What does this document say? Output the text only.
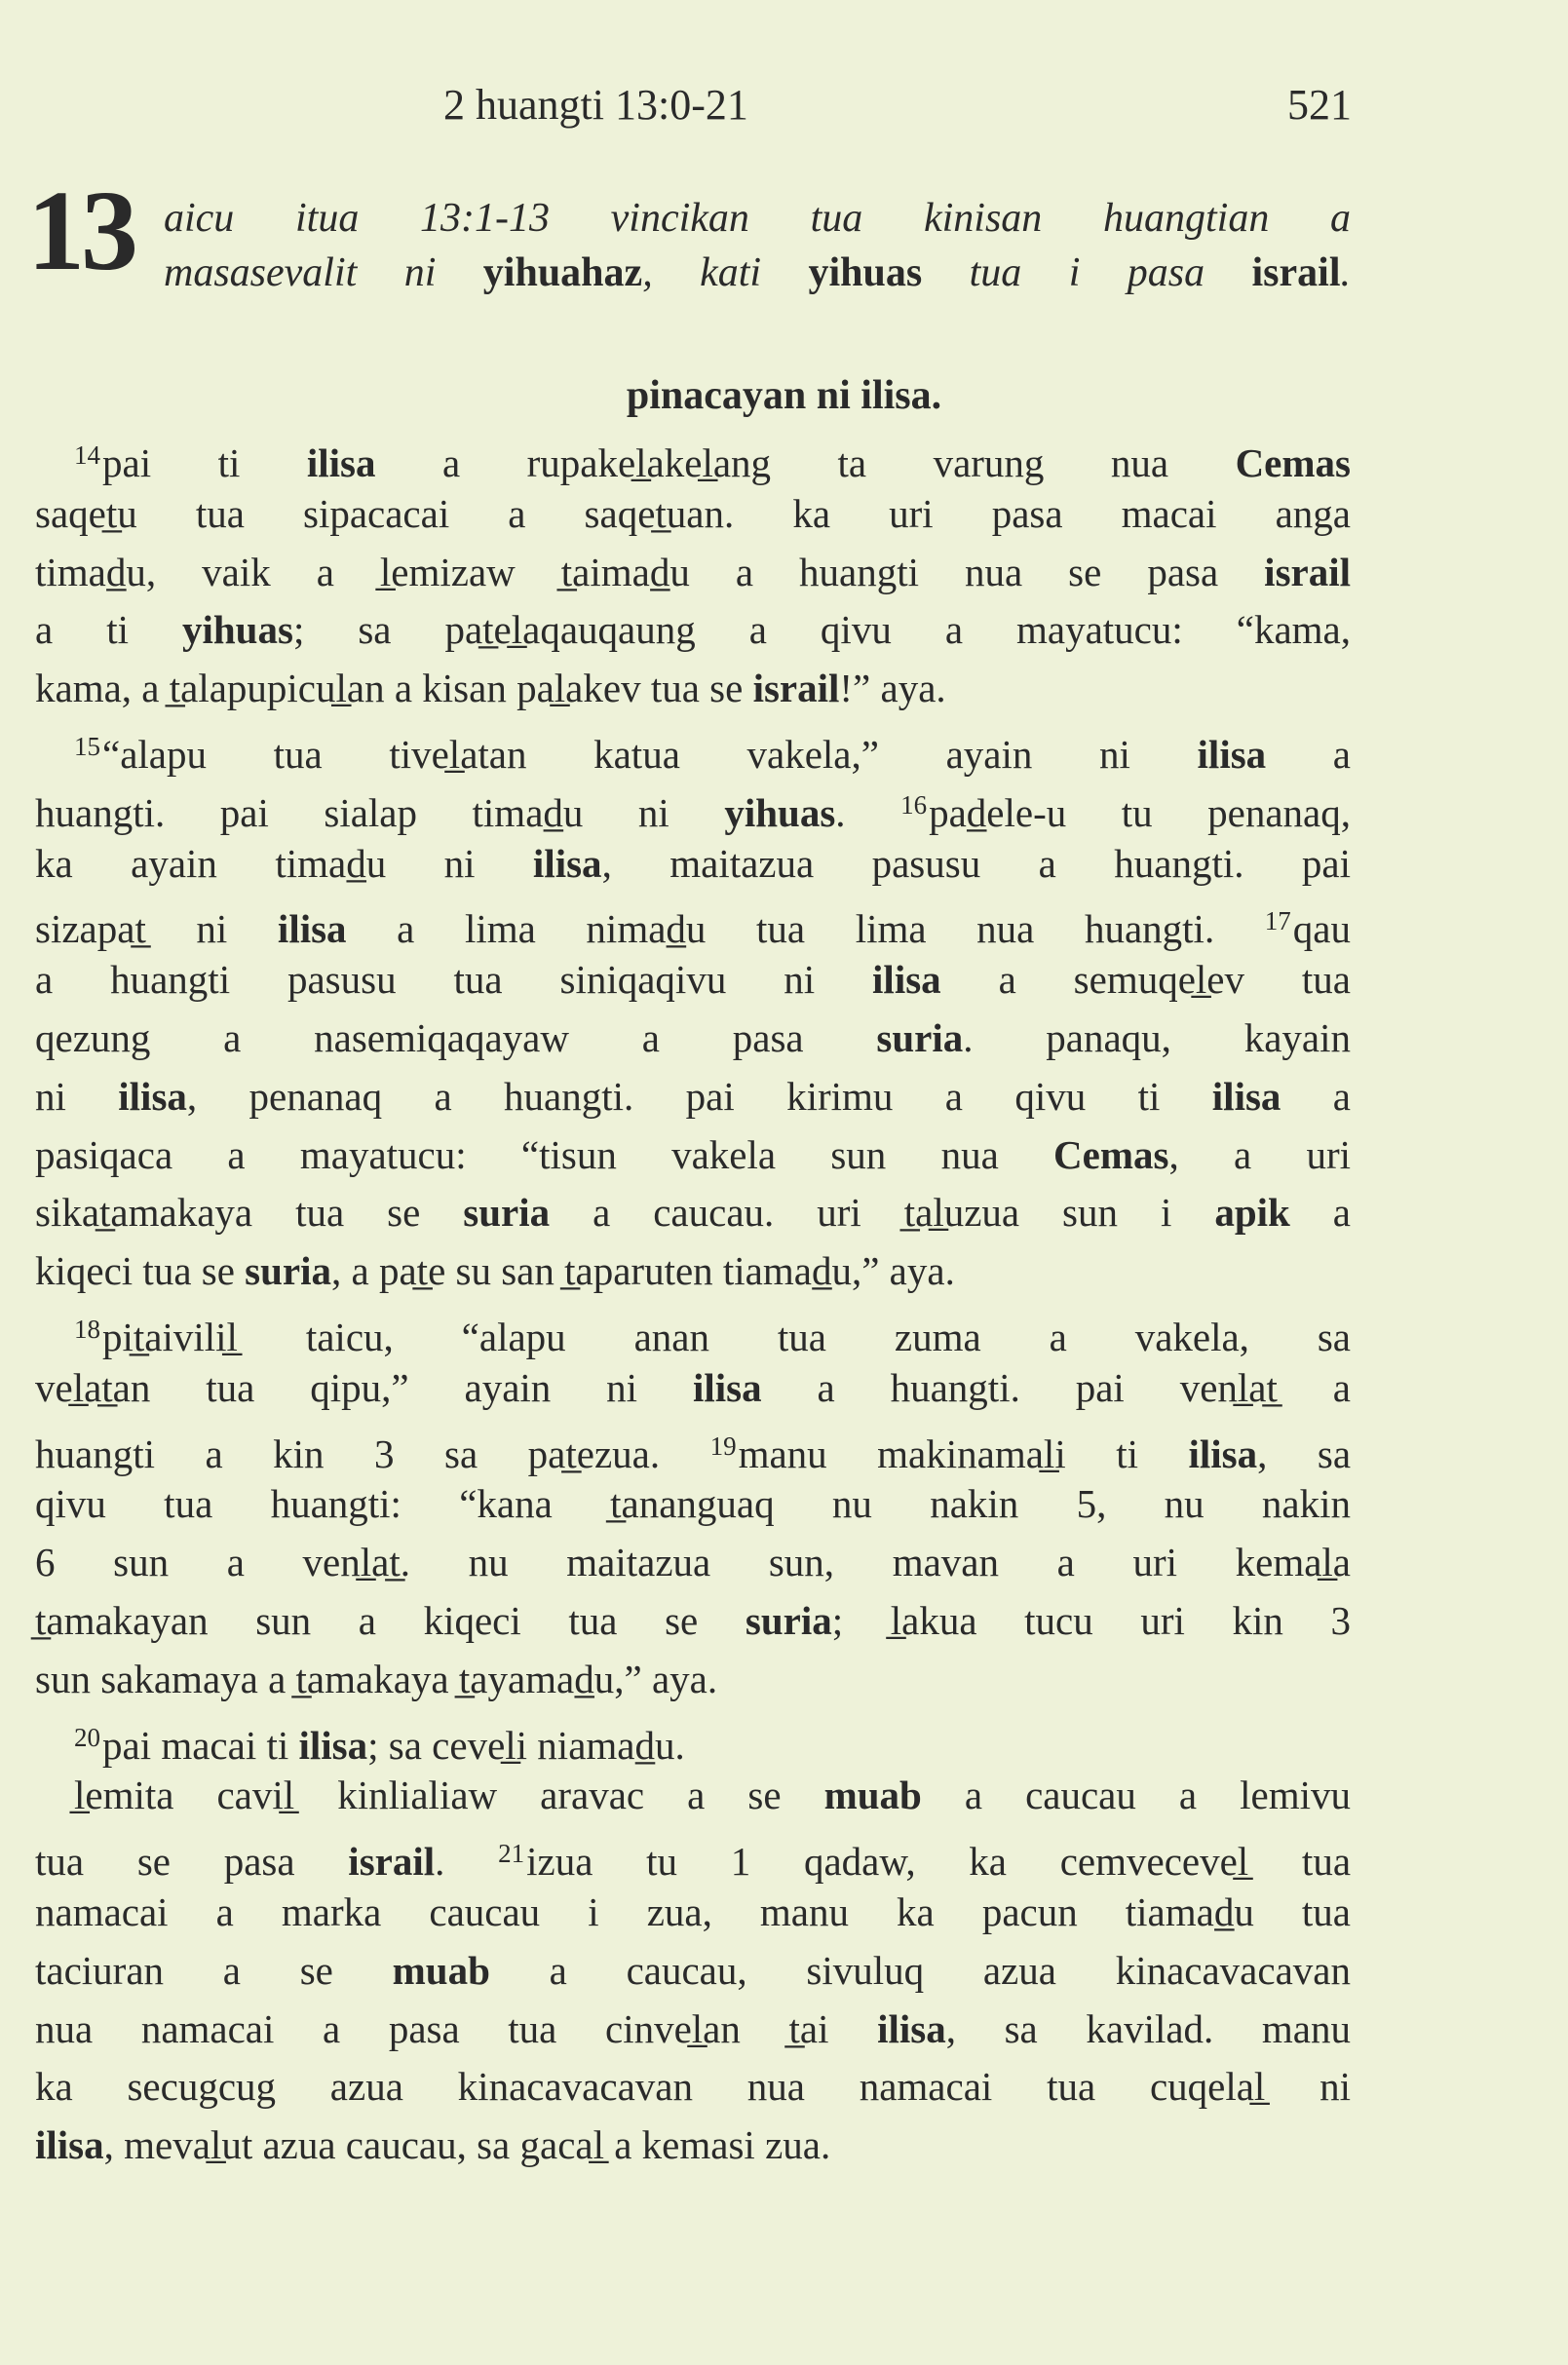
2 huangti 13:0-21	521
13 aicu itua 13:1-13 vincikan tua kinisan huangtian a
masasevalit ni yihuahaz, kati yihuas tua i pasa israil.
pinacayan ni ilisa.
$^{14}$pai ti ilisa a rupakel̲akel̲ang ta varung nua Cemas
saqet̲u tua sipacacai a saqet̲uan. ka uri pasa macai anga
timad̲u, vaik a l̲emizaw t̲aimad̲u a huangti nua se pasa israil
a ti yihuas; sa pat̲el̲aqauqaung a qivu a mayatucu: “kama,
kama, a t̲alapupicul̲an a kisan pal̲akev tua se israil!” aya.
$^{15}$“alapu tua tivel̲atan katua vakela,” ayain ni ilisa a
huangti. pai sialap timad̲u ni yihuas. $^{16}$pad̲ele-u tu penanaq,
ka ayain timad̲u ni ilisa, maitazua pasusu a huangti. pai
sizapat̲ ni ilisa a lima nimad̲u tua lima nua huangti. $^{17}$qau
a huangti pasusu tua siniqaqivu ni ilisa a semuqel̲ev tua
qezung a nasemiqaqayaw a pasa suria. panaqu, kayain
ni ilisa, penanaq a huangti. pai kirimu a qivu ti ilisa a
pasiqaca a mayatucu: “tisun vakela sun nua Cemas, a uri
sikat̲amakaya tua se suria a caucau. uri t̲al̲uzua sun i apik a
kiqeci tua se suria, a pat̲e su san t̲aparuten tiamad̲u,” aya.
$^{18}$pit̲aivilil̲ taicu, “alapu anan tua zuma a vakela, sa
vel̲at̲an tua qipu,” ayain ni ilisa a huangti. pai venl̲at̲ a
huangti a kin 3 sa pat̲ezua. $^{19}$manu makinamal̲i ti ilisa, sa
qivu tua huangti: “kana t̲ananguaq nu nakin 5, nu nakin
6 sun a venl̲at̲. nu maitazua sun, mavan a uri kemal̲a
t̲amakayan sun a kiqeci tua se suria; l̲akua tucu uri kin 3
sun sakamaya a t̲amakaya t̲ayamad̲u,” aya.
$^{20}$pai macai ti ilisa; sa cevel̲i niamad̲u.
l̲emita cavil̲ kinlialiaw aravac a se muab a caucau a lemivu
tua se pasa israil. $^{21}$izua tu 1 qadaw, ka cemvecevel̲ tua
namacai a marka caucau i zua, manu ka pacun tiamad̲u tua
taciuran a se muab a caucau, sivuluq azua kinacavacavan
nua namacai a pasa tua cinvel̲an t̲ai ilisa, sa kavilad. manu
ka secugcug azua kinacavacavan nua namacai tua cuqelal̲ ni
ilisa, meval̲ut azua caucau, sa gacal̲ a kemasi zua.
